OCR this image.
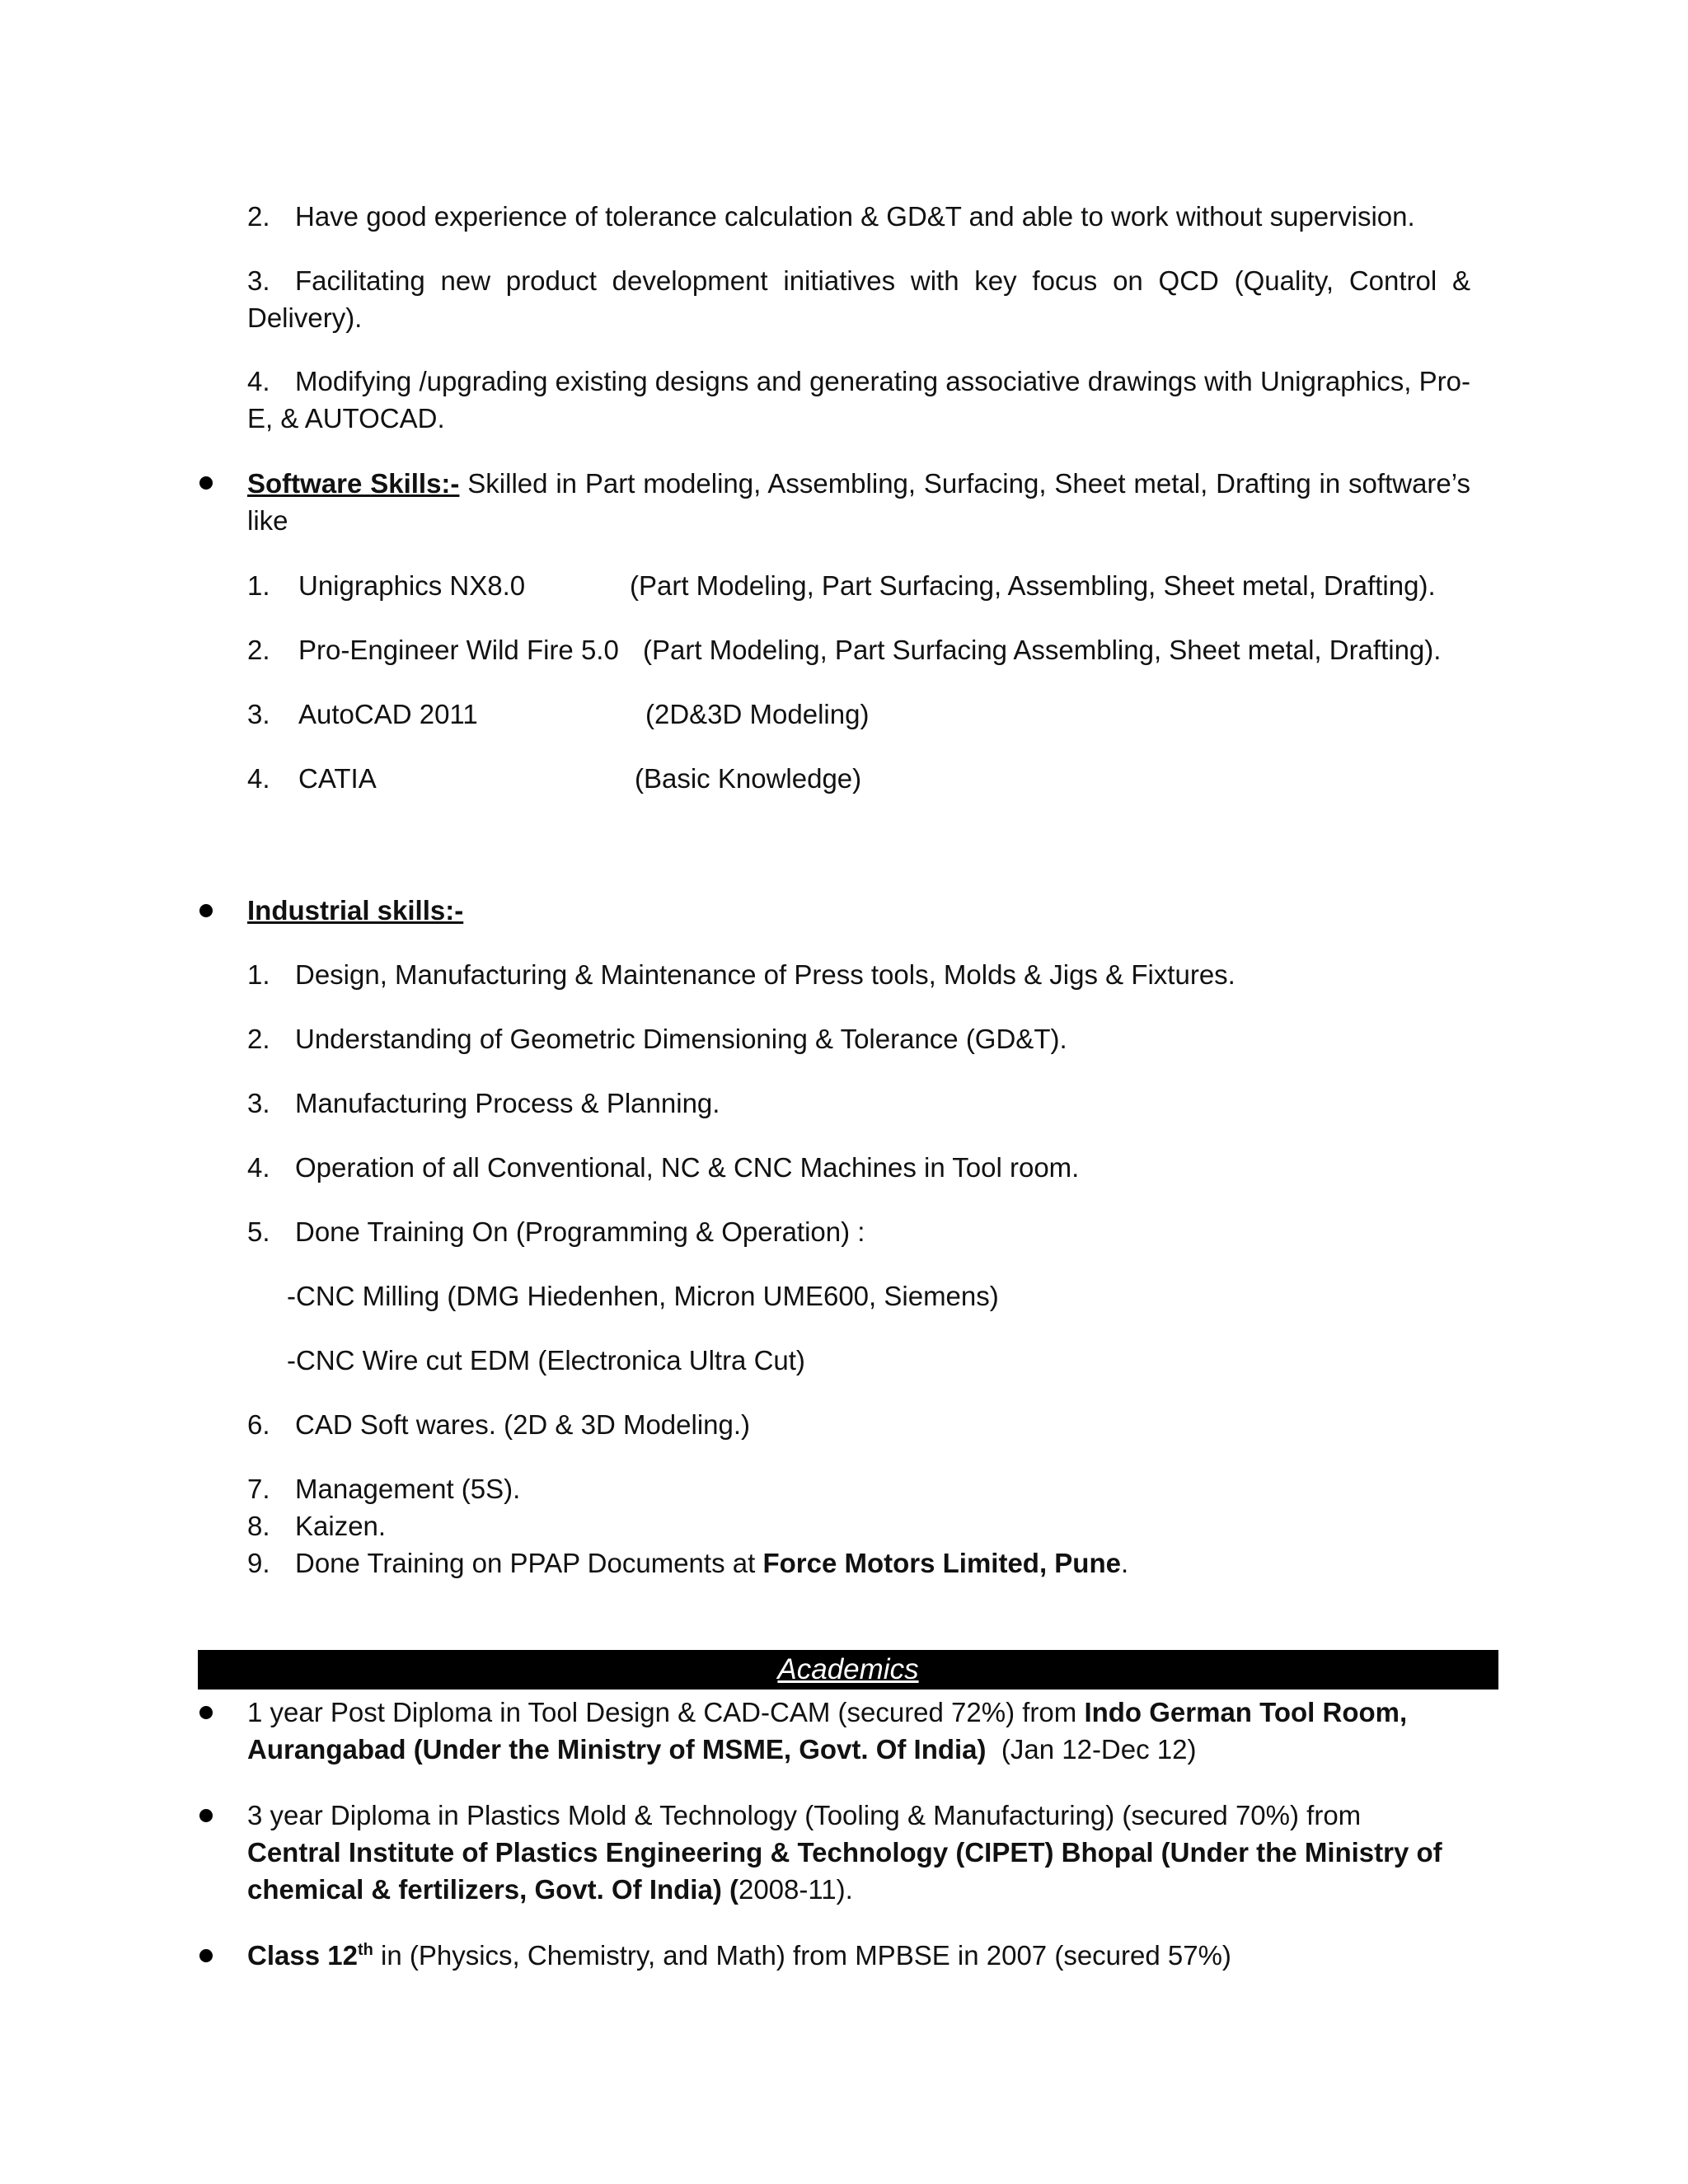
2. Have good experience of tolerance calculation & GD&T and able to work without supervision.
3. Facilitating new product development initiatives with key focus on QCD (Quality, Control & Delivery).
4. Modifying /upgrading existing designs and generating associative drawings with Unigraphics, Pro-E, & AUTOCAD.
Software Skills:- Skilled in Part modeling, Assembling, Surfacing, Sheet metal, Drafting in software’s like
1. Unigraphics NX8.0	(Part Modeling, Part Surfacing, Assembling, Sheet metal, Drafting).
2. Pro-Engineer Wild Fire 5.0 (Part Modeling, Part Surfacing Assembling, Sheet metal, Drafting).
3. AutoCAD 2011	(2D&3D Modeling)
4. CATIA	(Basic Knowledge)
Industrial skills:-
1. Design, Manufacturing & Maintenance of Press tools, Molds & Jigs & Fixtures.
2. Understanding of Geometric Dimensioning & Tolerance (GD&T).
3. Manufacturing Process & Planning.
4. Operation of all Conventional, NC & CNC Machines in Tool room.
5. Done Training On (Programming & Operation) :
-CNC Milling (DMG Hiedenhen, Micron UME600, Siemens)
-CNC Wire cut EDM (Electronica Ultra Cut)
6. CAD Soft wares. (2D & 3D Modeling.)
7. Management (5S).
8. Kaizen.
9. Done Training on PPAP Documents at Force Motors Limited, Pune.
Academics
1 year Post Diploma in Tool Design & CAD-CAM (secured 72%) from Indo German Tool Room,
Aurangabad (Under the Ministry of MSME, Govt. Of India)  (Jan 12-Dec 12)
3 year Diploma in Plastics Mold & Technology (Tooling & Manufacturing) (secured 70%) from
Central Institute of Plastics Engineering & Technology (CIPET) Bhopal (Under the Ministry of
chemical & fertilizers, Govt. Of India) (2008-11).
Class 12th in (Physics, Chemistry, and Math) from MPBSE in 2007 (secured 57%)
